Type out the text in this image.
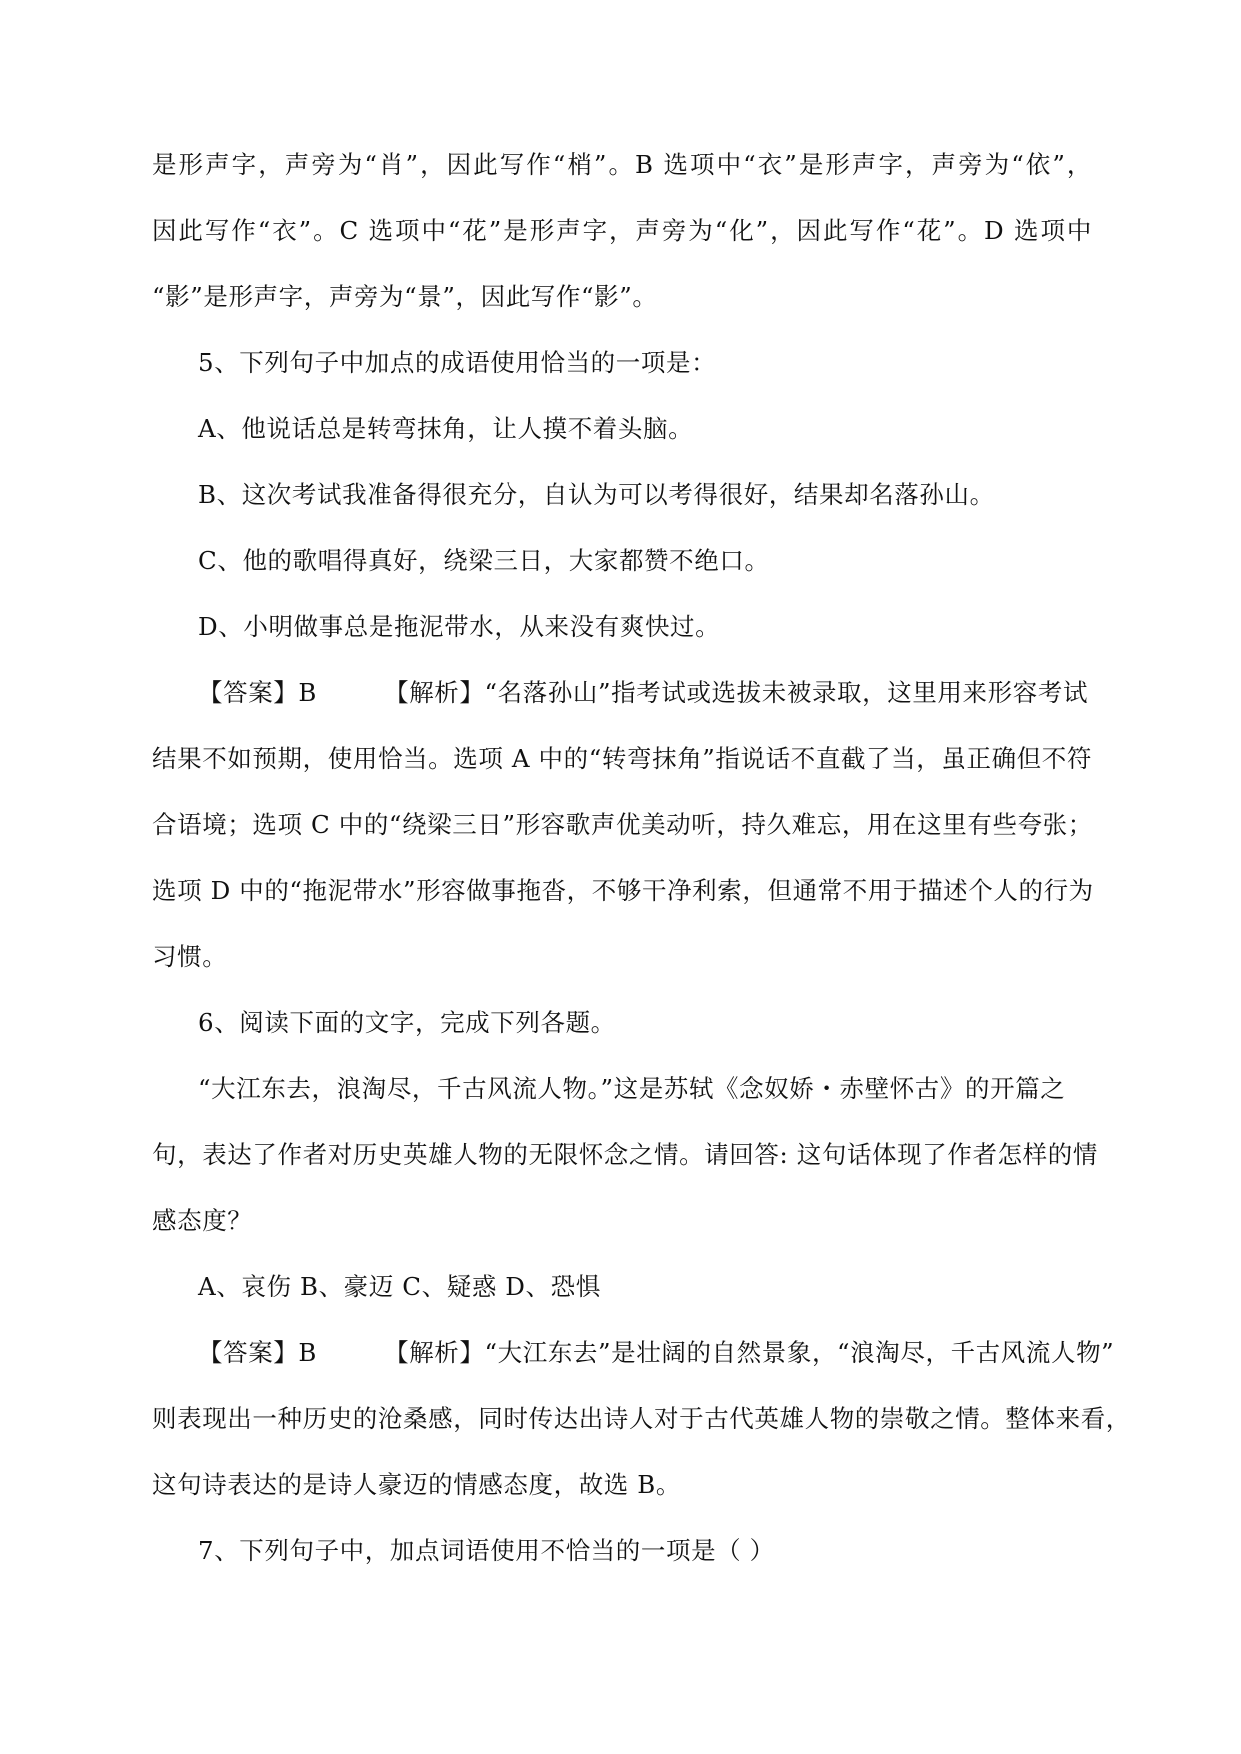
是形声字，声旁为“肖”，因此写作“梢”。B 选项中“衣”是形声字，声旁为“依”，
因此写作“衣”。C 选项中“花”是形声字，声旁为“化”，因此写作“花”。D 选项中
“影”是形声字，声旁为“景”，因此写作“影”。
5、下列句子中加点的成语使用恰当的一项是：
A、他说话总是转弯抹角，让人摸不着头脑。
B、这次考试我准备得很充分，自认为可以考得很好，结果却名落孙山。
C、他的歌唱得真好，绕梁三日，大家都赞不绝口。
D、小明做事总是拖泥带水，从来没有爽快过。
【答案】B        【解析】“名落孙山”指考试或选拔未被录取，这里用来形容考试
结果不如预期，使用恰当。选项 A 中的“转弯抹角”指说话不直截了当，虽正确但不符
合语境；选项 C 中的“绕梁三日”形容歌声优美动听，持久难忘，用在这里有些夸张；
选项 D 中的“拖泥带水”形容做事拖沓，不够干净利索，但通常不用于描述个人的行为
习惯。
6、阅读下面的文字，完成下列各题。
“大江东去，浪淘尽，千古风流人物。”这是苏轼《念奴娇・赤壁怀古》的开篇之
句，表达了作者对历史英雄人物的无限怀念之情。请回答: 这句话体现了作者怎样的情
感态度？
A、哀伤 B、豪迈 C、疑惑 D、恐惧
【答案】B        【解析】“大江东去”是壮阔的自然景象，“浪淘尽，千古风流人物”
则表现出一种历史的沧桑感，同时传达出诗人对于古代英雄人物的崇敬之情。整体来看，
这句诗表达的是诗人豪迈的情感态度，故选 B。
7、下列句子中，加点词语使用不恰当的一项是（ ）
